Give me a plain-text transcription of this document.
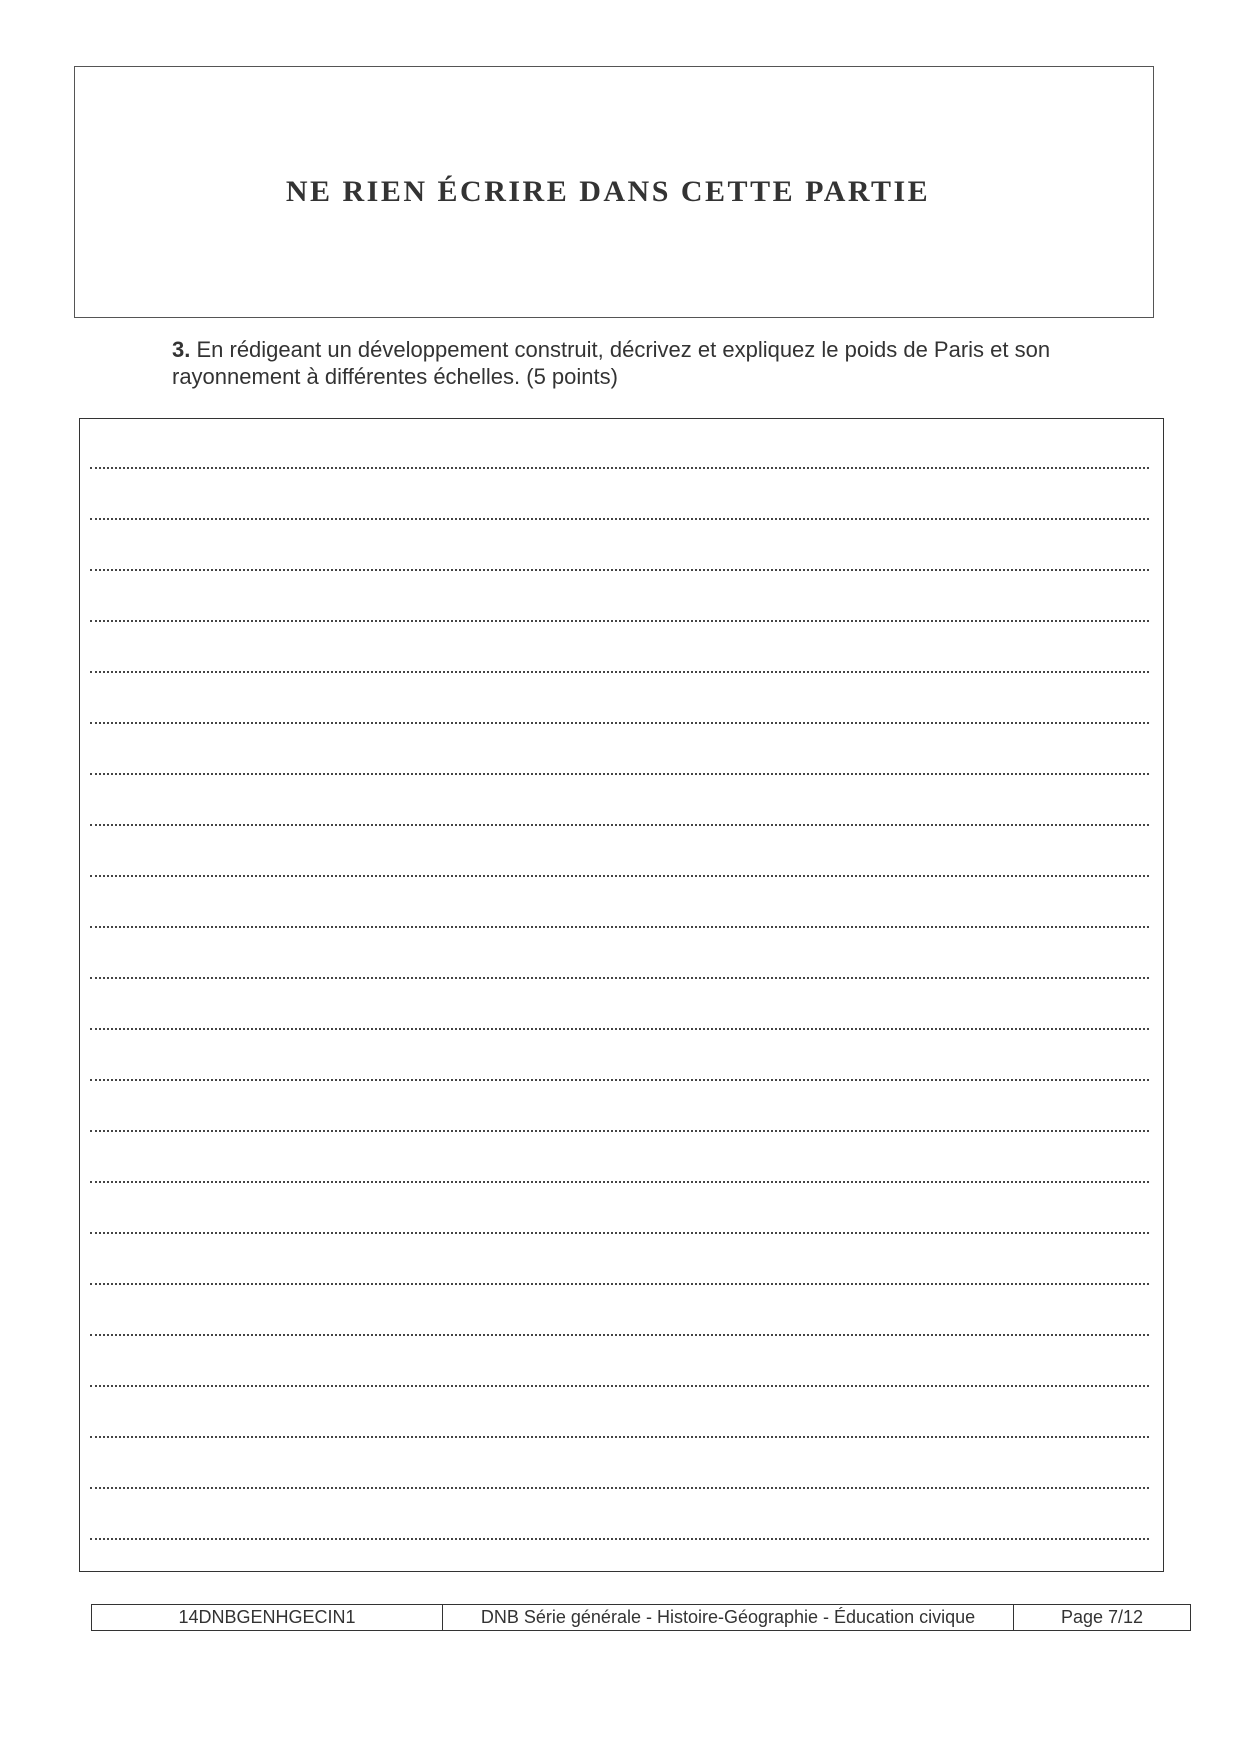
NE RIEN ÉCRIRE DANS CETTE PARTIE
3. En rédigeant un développement construit, décrivez et expliquez le poids de Paris et son rayonnement à différentes échelles. (5 points)
14DNBGENHGECIN1	DNB Série générale - Histoire-Géographie - Éducation civique	Page 7/12
